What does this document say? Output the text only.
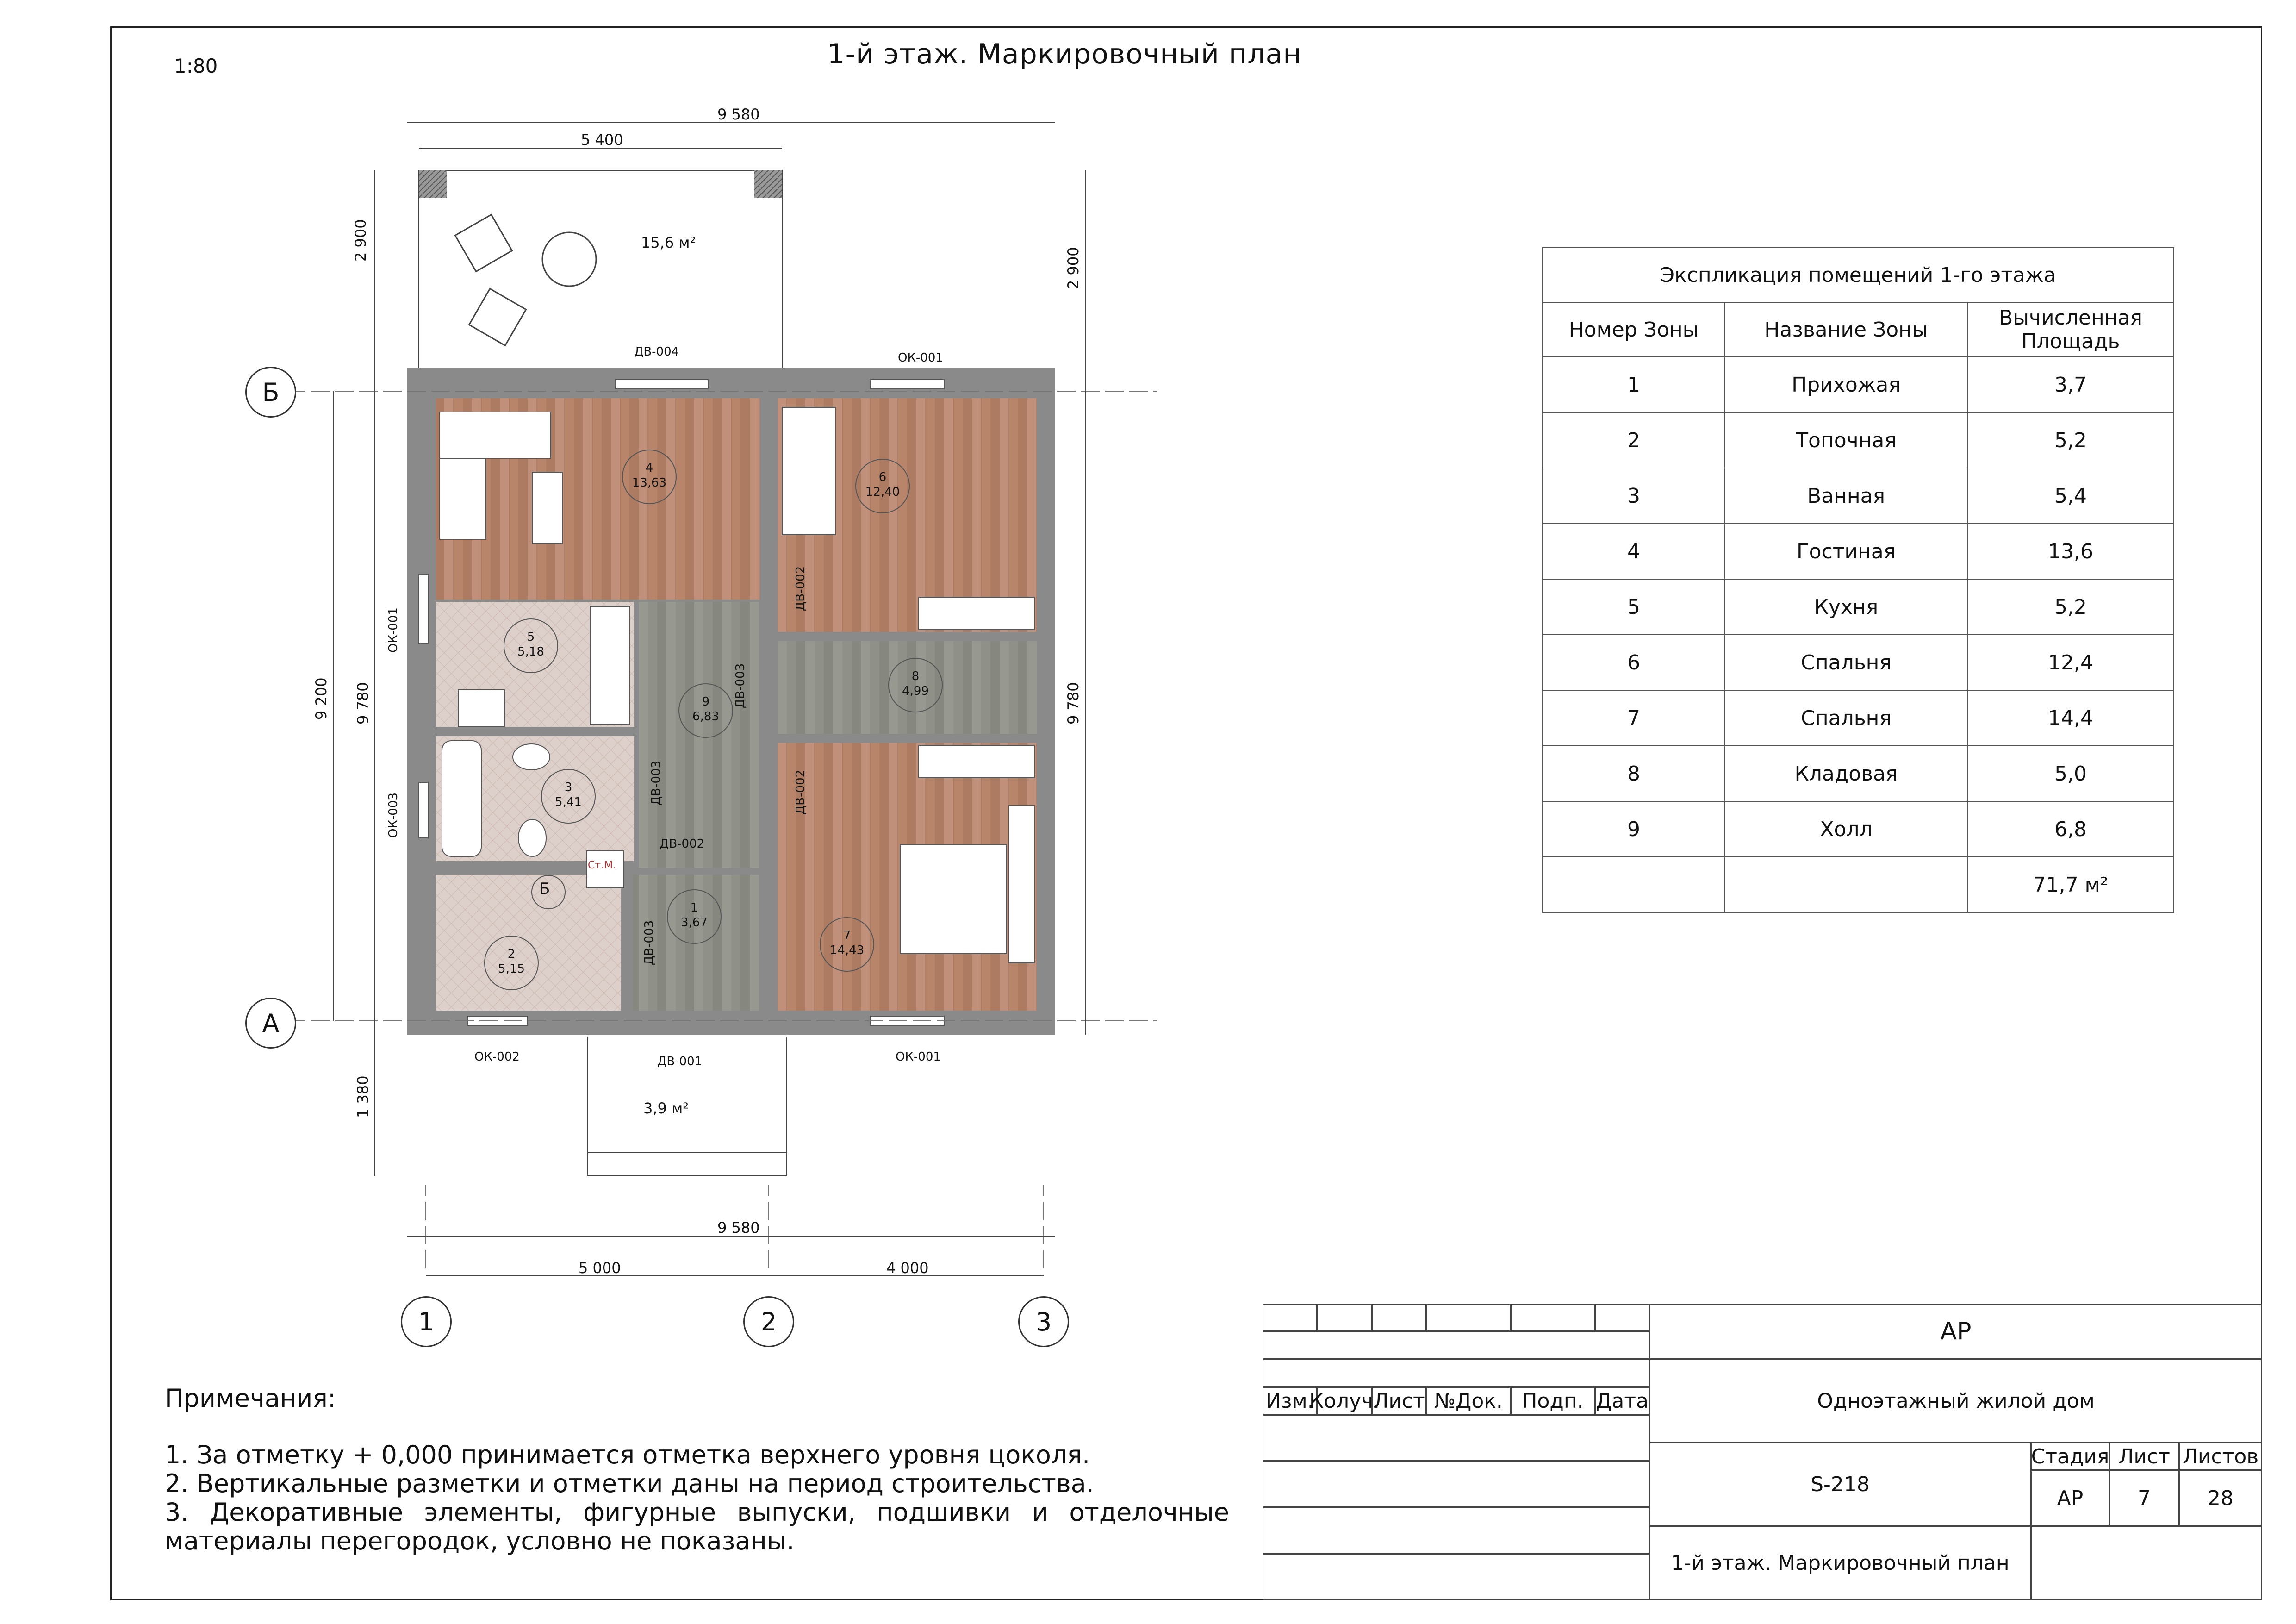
1:80	1-й этаж. Маркировочный план
9 580
5 400
2 900
2 900
9 200 9 780	9 780
1 380
9 580
5 000	4 000
Б
А
1	2	3
15,6 м²
3,9 м²
4
13,63	6
12,40
5
5,18
9
6,83
8
4,99
3
5,41
1
3,67
2
5,15
7
14,43
ДВ-004	ОК-001
ОК-001
ОК-003
ДВ-002
ДВ-003
ДВ-003	ДВ-002
ДВ-002
ДВ-003
ОК-002	ДВ-001	ОК-001
Ст.М.
Б
Экспликация помещений 1-го этажа		
Номер Зоны	Название Зоны	Вычисленная Площадь
1	Прихожая	3,7
2	Топочная	5,2
3	Ванная	5,4
4	Гостиная	13,6
5	Кухня	5,2
6	Спальня	12,4
7	Спальня	14,4
8	Кладовая	5,0
9	Холл	6,8
		71,7 м²
Примечания:
1. За отметку + 0,000 принимается отметка верхнего уровня цоколя.
2. Вертикальные разметки и отметки даны на период строительства.
3. Декоративные элементы, фигурные выпуски, подшивки и отделочные материалы перегородок, условно не показаны.
Изм.
Колуч.
Лист №Док. Подп. Дата
АР
Одноэтажный жилой дом
S-218
Стадия Лист Листов
АР	7	28
1-й этаж. Маркировочный план
